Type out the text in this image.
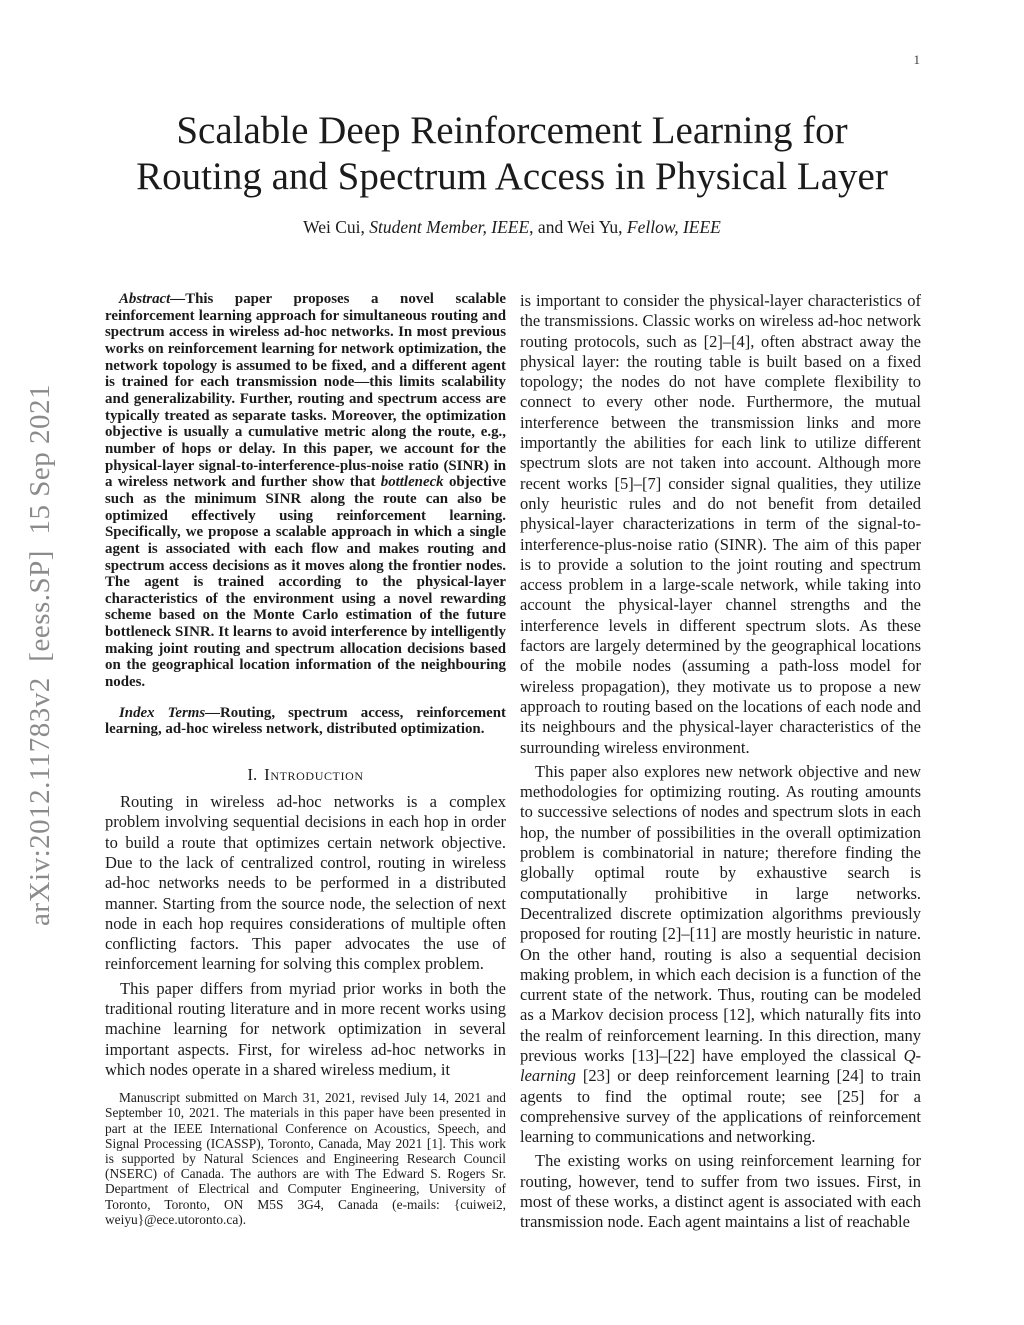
arXiv:2012.11783v2  [eess.SP]  15 Sep 2021
1
Scalable Deep Reinforcement Learning for
Routing and Spectrum Access in Physical Layer
Wei Cui, Student Member, IEEE, and Wei Yu, Fellow, IEEE

Abstract—This paper proposes a novel scalable reinforcement learning approach for simultaneous routing and spectrum access in wireless ad-hoc networks. In most previous works on reinforcement learning for network optimization, the network topology is assumed to be fixed, and a different agent is trained for each transmission node—this limits scalability and generalizability. Further, routing and spectrum access are typically treated as separate tasks. Moreover, the optimization objective is usually a cumulative metric along the route, e.g., number of hops or delay. In this paper, we account for the physical-layer signal-to-interference-plus-noise ratio (SINR) in a wireless network and further show that bottleneck objective such as the minimum SINR along the route can also be optimized effectively using reinforcement learning. Specifically, we propose a scalable approach in which a single agent is associated with each flow and makes routing and spectrum access decisions as it moves along the frontier nodes. The agent is trained according to the physical-layer characteristics of the environment using a novel rewarding scheme based on the Monte Carlo estimation of the future bottleneck SINR. It learns to avoid interference by intelligently making joint routing and spectrum allocation decisions based on the geographical location information of the neighbouring nodes.

Index Terms—Routing, spectrum access, reinforcement learning, ad-hoc wireless network, distributed optimization.

I. Introduction

Routing in wireless ad-hoc networks is a complex problem involving sequential decisions in each hop in order to build a route that optimizes certain network objective. Due to the lack of centralized control, routing in wireless ad-hoc networks needs to be performed in a distributed manner. Starting from the source node, the selection of next node in each hop requires considerations of multiple often conflicting factors. This paper advocates the use of reinforcement learning for solving this complex problem.

This paper differs from myriad prior works in both the traditional routing literature and in more recent works using machine learning for network optimization in several important aspects. First, for wireless ad-hoc networks in which nodes operate in a shared wireless medium, it

Manuscript submitted on March 31, 2021, revised July 14, 2021 and September 10, 2021. The materials in this paper have been presented in part at the IEEE International Conference on Acoustics, Speech, and Signal Processing (ICASSP), Toronto, Canada, May 2021 [1]. This work is supported by Natural Sciences and Engineering Research Council (NSERC) of Canada. The authors are with The Edward S. Rogers Sr. Department of Electrical and Computer Engineering, University of Toronto, Toronto, ON M5S 3G4, Canada (e-mails: {cuiwei2, weiyu}@ece.utoronto.ca).

is important to consider the physical-layer characteristics of the transmissions. Classic works on wireless ad-hoc network routing protocols, such as [2]–[4], often abstract away the physical layer: the routing table is built based on a fixed topology; the nodes do not have complete flexibility to connect to every other node. Furthermore, the mutual interference between the transmission links and more importantly the abilities for each link to utilize different spectrum slots are not taken into account. Although more recent works [5]–[7] consider signal qualities, they utilize only heuristic rules and do not benefit from detailed physical-layer characterizations in term of the signal-to-interference-plus-noise ratio (SINR). The aim of this paper is to provide a solution to the joint routing and spectrum access problem in a large-scale network, while taking into account the physical-layer channel strengths and the interference levels in different spectrum slots. As these factors are largely determined by the geographical locations of the mobile nodes (assuming a path-loss model for wireless propagation), they motivate us to propose a new approach to routing based on the locations of each node and its neighbours and the physical-layer characteristics of the surrounding wireless environment.

This paper also explores new network objective and new methodologies for optimizing routing. As routing amounts to successive selections of nodes and spectrum slots in each hop, the number of possibilities in the overall optimization problem is combinatorial in nature; therefore finding the globally optimal route by exhaustive search is computationally prohibitive in large networks. Decentralized discrete optimization algorithms previously proposed for routing [2]–[11] are mostly heuristic in nature. On the other hand, routing is also a sequential decision making problem, in which each decision is a function of the current state of the network. Thus, routing can be modeled as a Markov decision process [12], which naturally fits into the realm of reinforcement learning. In this direction, many previous works [13]–[22] have employed the classical Q-learning [23] or deep reinforcement learning [24] to train agents to find the optimal route; see [25] for a comprehensive survey of the applications of reinforcement learning to communications and networking.

The existing works on using reinforcement learning for routing, however, tend to suffer from two issues. First, in most of these works, a distinct agent is associated with each transmission node. Each agent maintains a list of reachable
